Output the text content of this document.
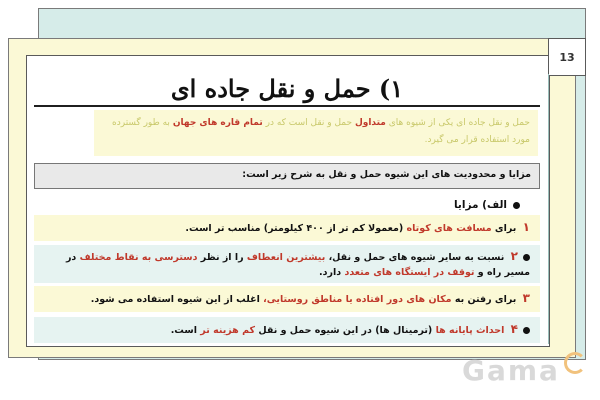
13
۱) حمل و نقل جاده ای
حمل و نقل جاده ای یکی از شیوه های متداول حمل و نقل است که در تمام قاره های جهان به طور گسترده مورد استفاده قرار می گیرد.
مزایا و محدودیت های این شیوه حمل و نقل به شرح زیر است:
الف) مزایا
۱ برای مسافت های کوتاه (معمولا کم تر از ۴۰۰ کیلومتر) مناسب تر است.
۲ نسبت به سایر شیوه های حمل و نقل، بیشترین انعطاف را از نظر دسترسی به نقاط مختلف در مسیر راه و توقف در ایستگاه های متعدد دارد.
۳ برای رفتن به مکان های دور افتاده یا مناطق روستایی، اغلب از این شیوه استفاده می شود.
۴ احداث پایانه ها (ترمینال ها) در این شیوه حمل و نقل کم هزینه تر است.
Gama
